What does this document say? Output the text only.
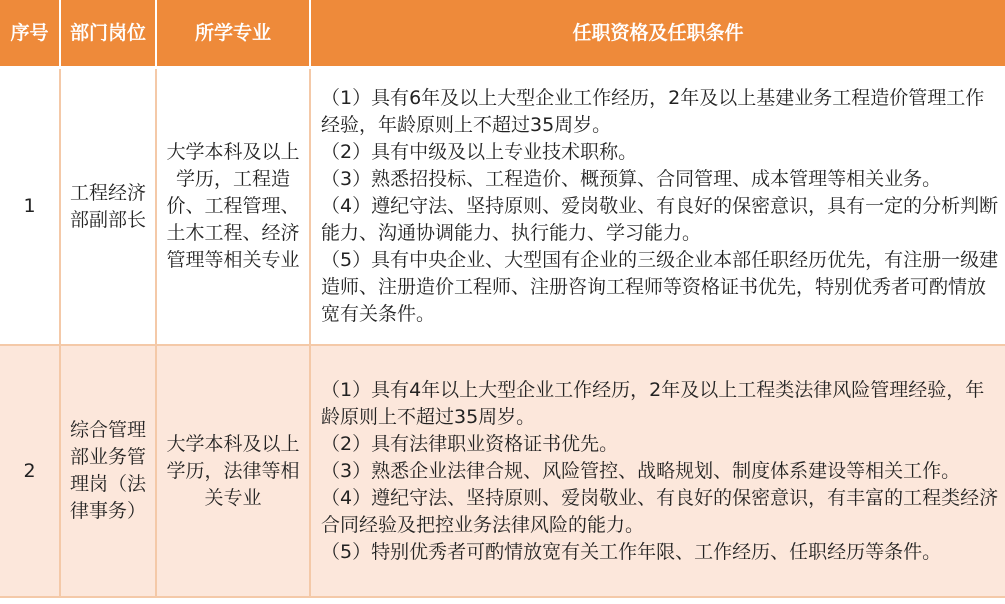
序号	部门岗位	所学专业	任职资格及任职条件
1	工程经济部副部长	大学本科及以上学历，工程造价、工程管理、土木工程、经济管理等相关专业	（1）具有6年及以上大型企业工作经历，2年及以上基建业务工程造价管理工作经验，年龄原则上不超过35周岁。
（2）具有中级及以上专业技术职称。
（3）熟悉招投标、工程造价、概预算、合同管理、成本管理等相关业务。
（4）遵纪守法、坚持原则、爱岗敬业、有良好的保密意识，具有一定的分析判断能力、沟通协调能力、执行能力、学习能力。
（5）具有中央企业、大型国有企业的三级企业本部任职经历优先，有注册一级建造师、注册造价工程师、注册咨询工程师等资格证书优先，特别优秀者可酌情放宽有关条件。

2	综合管理部业务管理岗（法律事务）	大学本科及以上学历，法律等相关专业	（1）具有4年以上大型企业工作经历，2年及以上工程类法律风险管理经验，年龄原则上不超过35周岁。
（2）具有法律职业资格证书优先。
（3）熟悉企业法律合规、风险管控、战略规划、制度体系建设等相关工作。
（4）遵纪守法、坚持原则、爱岗敬业、有良好的保密意识，有丰富的工程类经济合同经验及把控业务法律风险的能力。
（5）特别优秀者可酌情放宽有关工作年限、工作经历、任职经历等条件。
